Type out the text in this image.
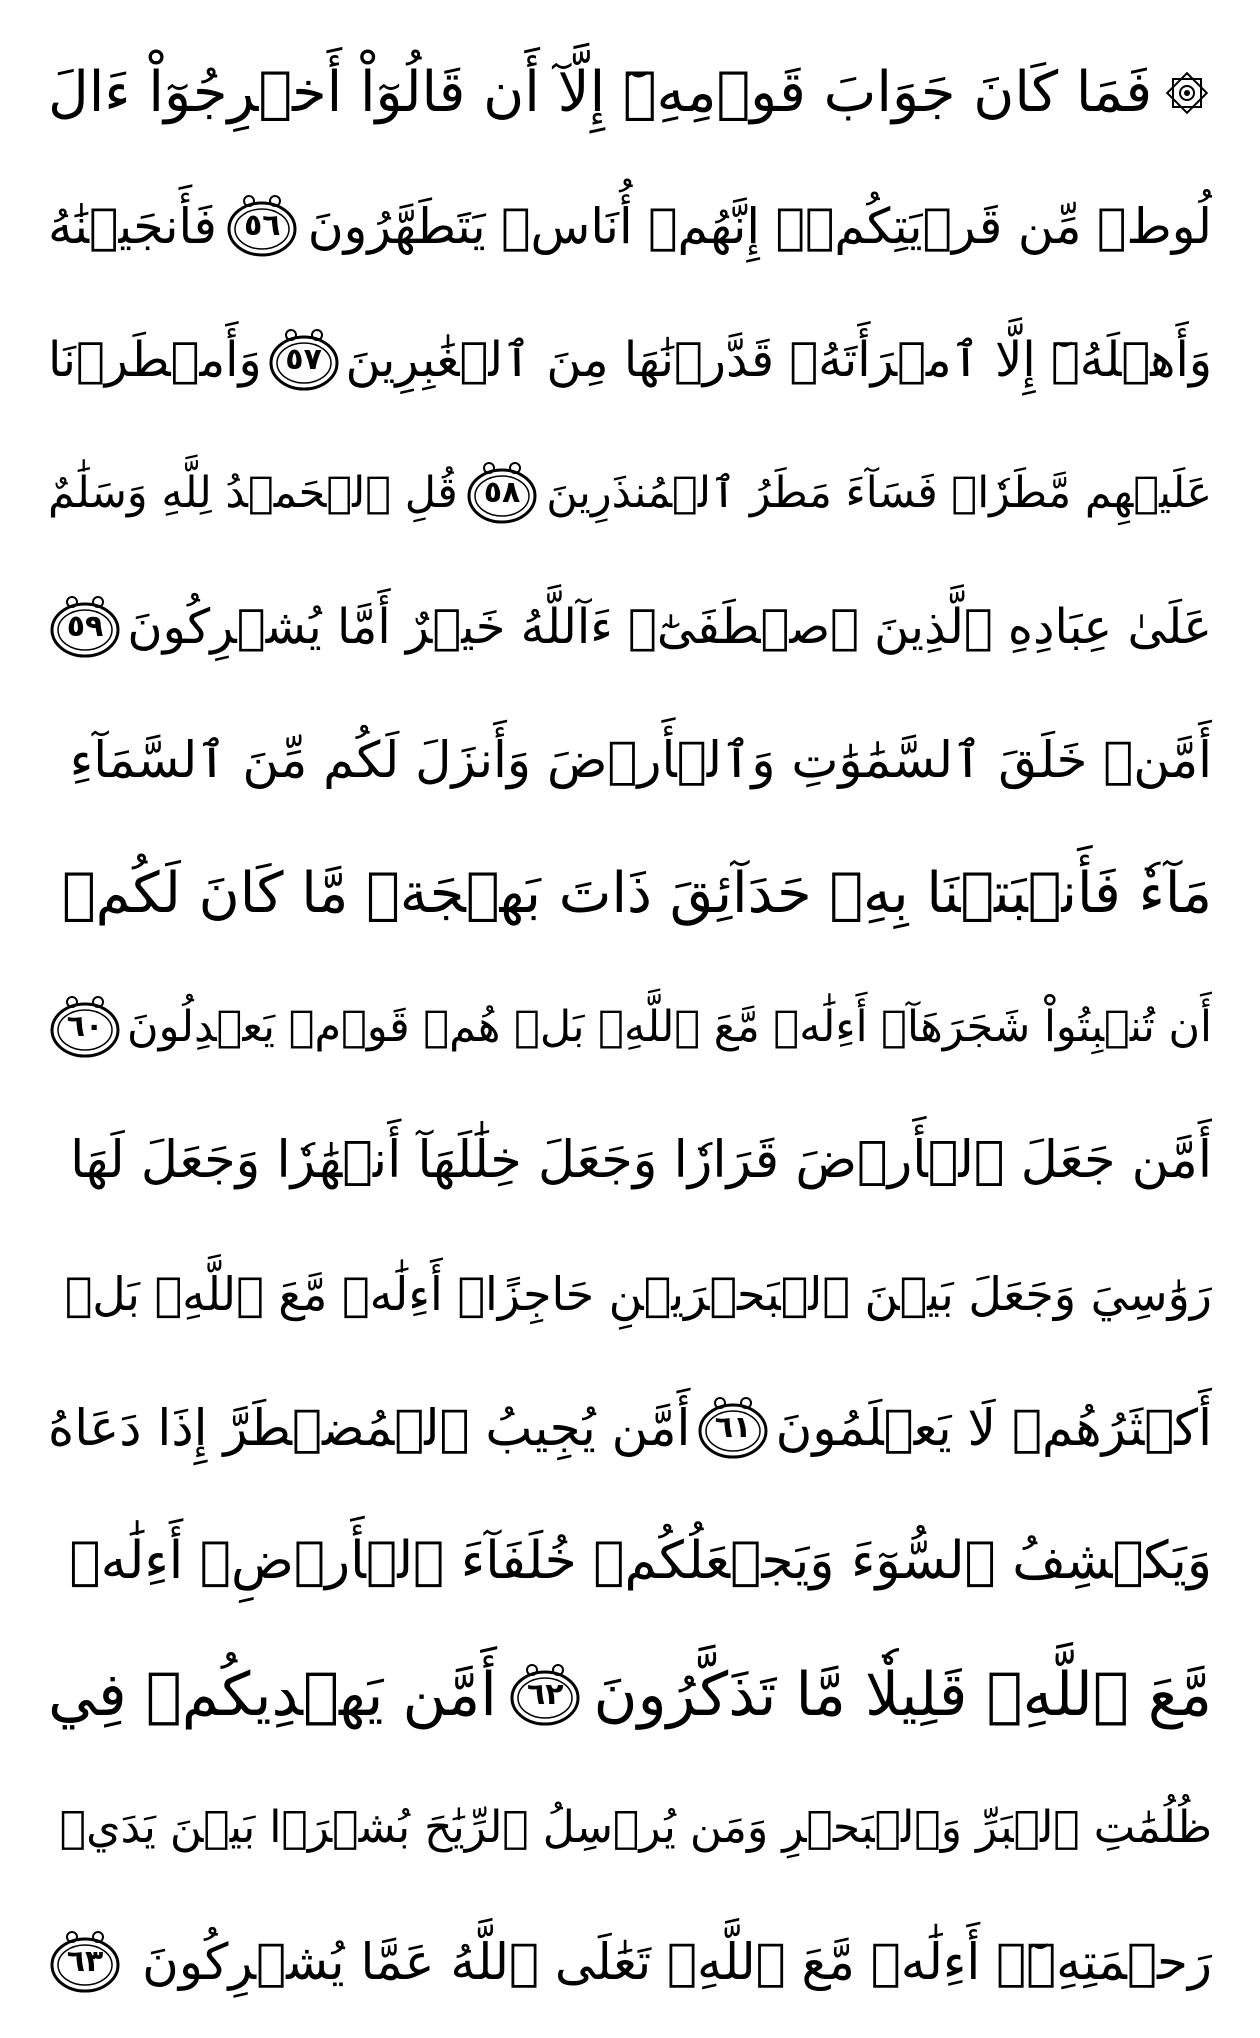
فَمَا كَانَ جَوَابَ قَوۡمِهِۦٓ إِلَّآ أَن قَالُوٓاْ أَخۡرِجُوٓاْ ءَالَ
لُوطٖ مِّن قَرۡيَتِكُمۡۖ إِنَّهُمۡ أُنَاسٞ يَتَطَهَّرُونَ
٥٦
فَأَنجَيۡنَٰهُ
وَأَهۡلَهُۥٓ إِلَّا ٱمۡرَأَتَهُۥ قَدَّرۡنَٰهَا مِنَ ٱلۡغَٰبِرِينَ
٥٧
وَأَمۡطَرۡنَا
عَلَيۡهِم مَّطَرٗاۖ فَسَآءَ مَطَرُ ٱلۡمُنذَرِينَ
٥٨
قُلِ ٱلۡحَمۡدُ لِلَّهِ وَسَلَٰمٌ
عَلَىٰ عِبَادِهِ ٱلَّذِينَ ٱصۡطَفَىٰٓۗ ءَآللَّهُ خَيۡرٌ أَمَّا يُشۡرِكُونَ
٥٩
أَمَّنۡ خَلَقَ ٱلسَّمَٰوَٰتِ وَٱلۡأَرۡضَ وَأَنزَلَ لَكُم مِّنَ ٱلسَّمَآءِ
مَآءٗ فَأَنۢبَتۡنَا بِهِۦ حَدَآئِقَ ذَاتَ بَهۡجَةٖ مَّا كَانَ لَكُمۡ
أَن تُنۢبِتُواْ شَجَرَهَآۗ أَءِلَٰهٞ مَّعَ ٱللَّهِۚ بَلۡ هُمۡ قَوۡمٞ يَعۡدِلُونَ
٦٠
أَمَّن جَعَلَ ٱلۡأَرۡضَ قَرَارٗا وَجَعَلَ خِلَٰلَهَآ أَنۡهَٰرٗا وَجَعَلَ لَهَا
رَوَٰسِيَ وَجَعَلَ بَيۡنَ ٱلۡبَحۡرَيۡنِ حَاجِزًاۗ أَءِلَٰهٞ مَّعَ ٱللَّهِۚ بَلۡ
أَكۡثَرُهُمۡ لَا يَعۡلَمُونَ
٦١
أَمَّن يُجِيبُ ٱلۡمُضۡطَرَّ إِذَا دَعَاهُ
وَيَكۡشِفُ ٱلسُّوٓءَ وَيَجۡعَلُكُمۡ خُلَفَآءَ ٱلۡأَرۡضِۗ أَءِلَٰهٞ
مَّعَ ٱللَّهِۚ قَلِيلٗا مَّا تَذَكَّرُونَ
٦٢
أَمَّن يَهۡدِيكُمۡ فِي
ظُلُمَٰتِ ٱلۡبَرِّ وَٱلۡبَحۡرِ وَمَن يُرۡسِلُ ٱلرِّيَٰحَ بُشۡرَۢا بَيۡنَ يَدَيۡ
رَحۡمَتِهِۦٓۗ أَءِلَٰهٞ مَّعَ ٱللَّهِۚ تَعَٰلَى ٱللَّهُ عَمَّا يُشۡرِكُونَ
٦٣
